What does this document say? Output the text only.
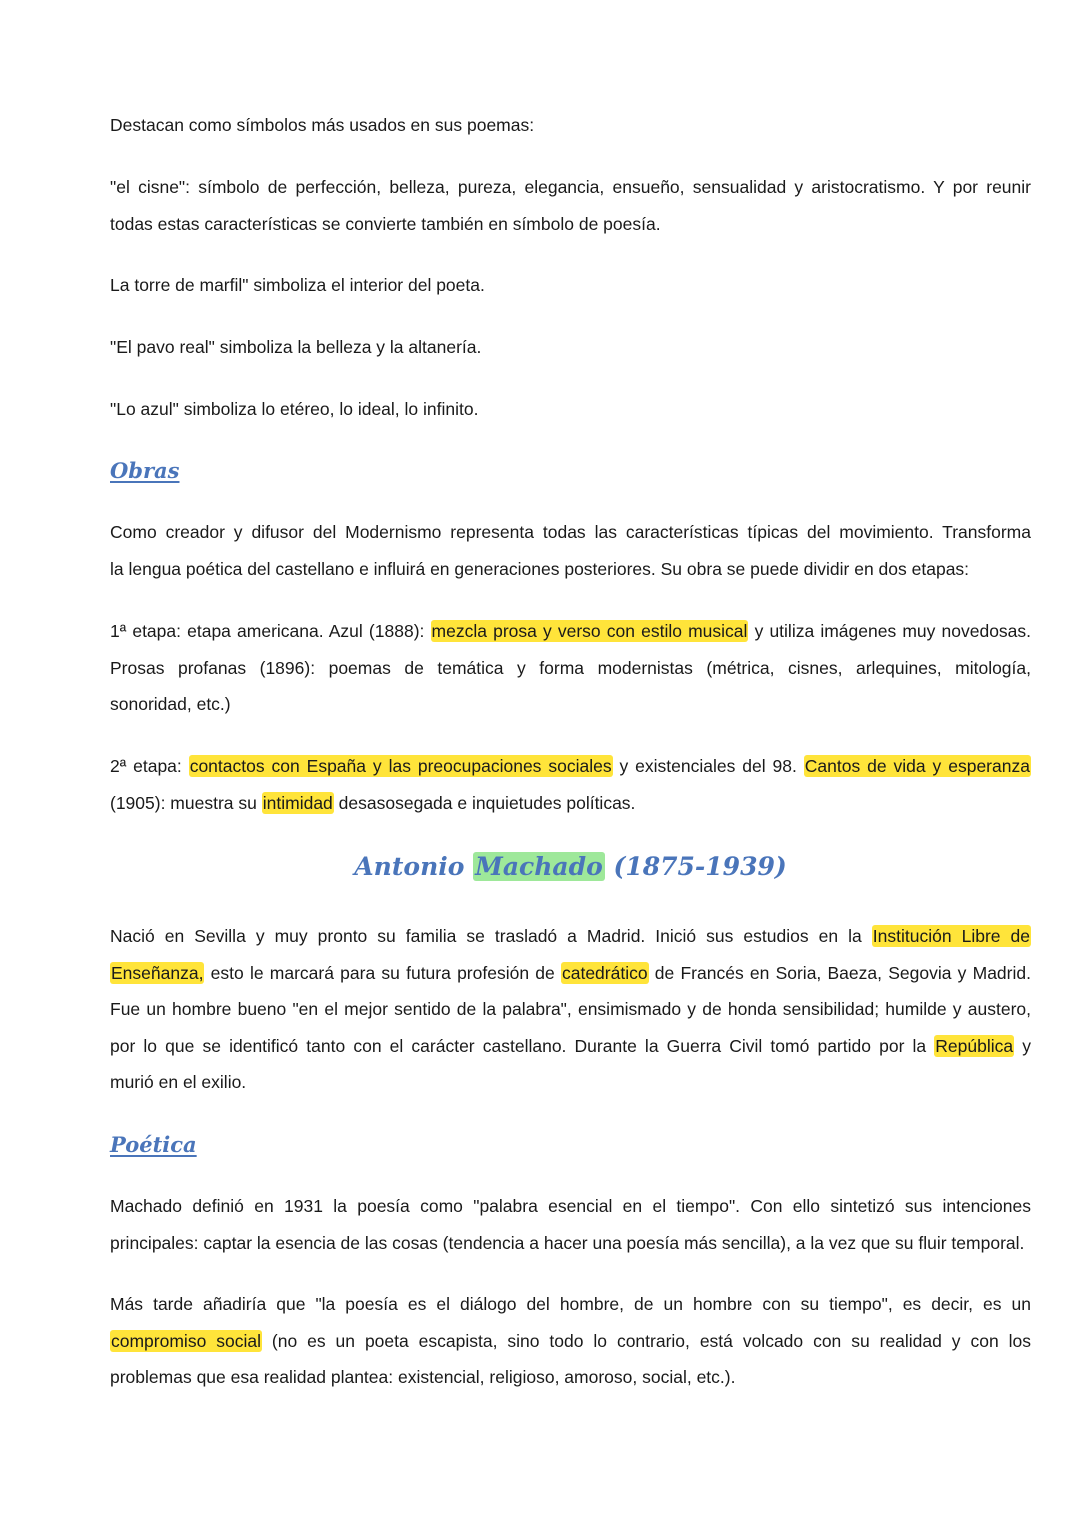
Destacan como símbolos más usados en sus poemas:

"el cisne": símbolo de perfección, belleza, pureza, elegancia, ensueño, sensualidad y aristocratismo. Y por reunir
todas estas características se convierte también en símbolo de poesía.

La torre de marfil" simboliza el interior del poeta.

"El pavo real" simboliza la belleza y la altanería.

"Lo azul" simboliza lo etéreo, lo ideal, lo infinito.

Obras

Como creador y difusor del Modernismo representa todas las características típicas del movimiento. Transforma
la lengua poética del castellano e influirá en generaciones posteriores. Su obra se puede dividir en dos etapas:

1ª etapa: etapa americana. Azul (1888): mezcla prosa y verso con estilo musical y utiliza imágenes muy novedosas.
Prosas profanas (1896): poemas de temática y forma modernistas (métrica, cisnes, arlequines, mitología,
sonoridad, etc.)

2ª etapa: contactos con España y las preocupaciones sociales y existenciales del 98. Cantos de vida y esperanza
(1905): muestra su intimidad desasosegada e inquietudes políticas.

Antonio Machado (1875-1939)

Nació en Sevilla y muy pronto su familia se trasladó a Madrid. Inició sus estudios en la Institución Libre de
Enseñanza, esto le marcará para su futura profesión de catedrático de Francés en Soria, Baeza, Segovia y Madrid.
Fue un hombre bueno "en el mejor sentido de la palabra", ensimismado y de honda sensibilidad; humilde y austero,
por lo que se identificó tanto con el carácter castellano. Durante la Guerra Civil tomó partido por la República y
murió en el exilio.

Poética

Machado definió en 1931 la poesía como "palabra esencial en el tiempo". Con ello sintetizó sus intenciones
principales: captar la esencia de las cosas (tendencia a hacer una poesía más sencilla), a la vez que su fluir temporal.

Más tarde añadiría que "la poesía es el diálogo del hombre, de un hombre con su tiempo", es decir, es un
compromiso social (no es un poeta escapista, sino todo lo contrario, está volcado con su realidad y con los
problemas que esa realidad plantea: existencial, religioso, amoroso, social, etc.).
